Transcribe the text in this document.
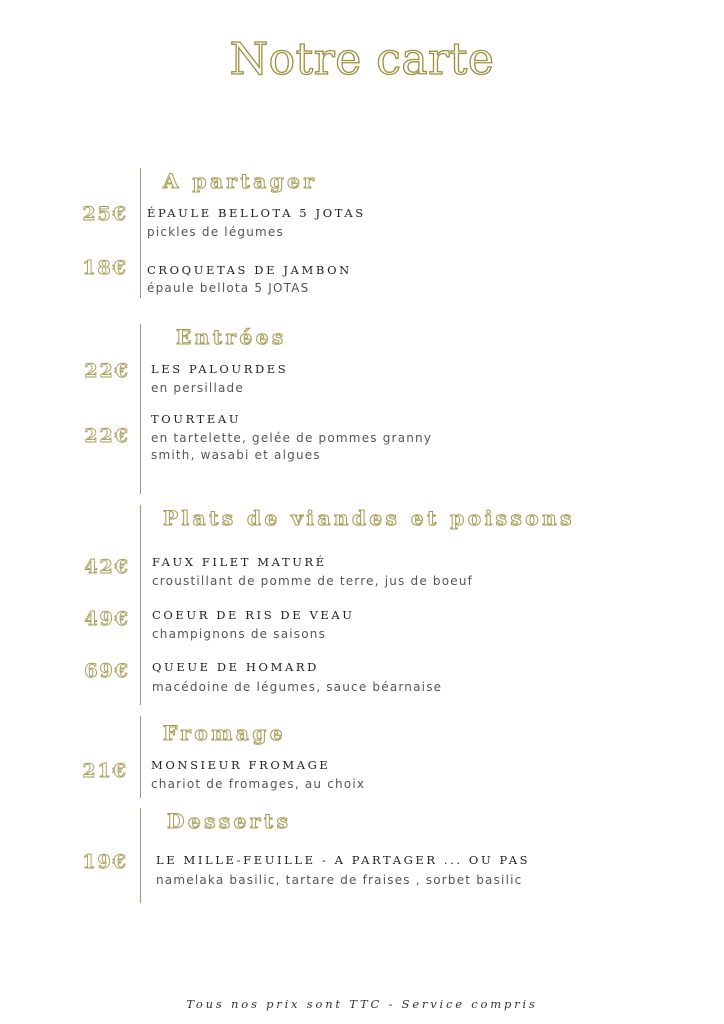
Notre carte
A partager
25€ ÉPAULE BELLOTA 5 JOTAS
pickles de légumes
18€ CROQUETAS DE JAMBON
épaule bellota 5 JOTAS
Entrées
22€ LES PALOURDES
en persillade
22€
TOURTEAU
en tartelette, gelée de pommes granny
smith, wasabi et algues
Plats de viandes et poissons
42€ FAUX FILET MATURÉ
croustillant de pomme de terre, jus de boeuf
49€ COEUR DE RIS DE VEAU
champignons de saisons
69€ QUEUE DE HOMARD
macédoine de légumes, sauce béarnaise
Fromage
21€ MONSIEUR FROMAGE
chariot de fromages, au choix
Desserts
19€ LE MILLE-FEUILLE - A PARTAGER ... OU PAS
namelaka basilic, tartare de fraises , sorbet basilic
Tous nos prix sont TTC - Service compris
